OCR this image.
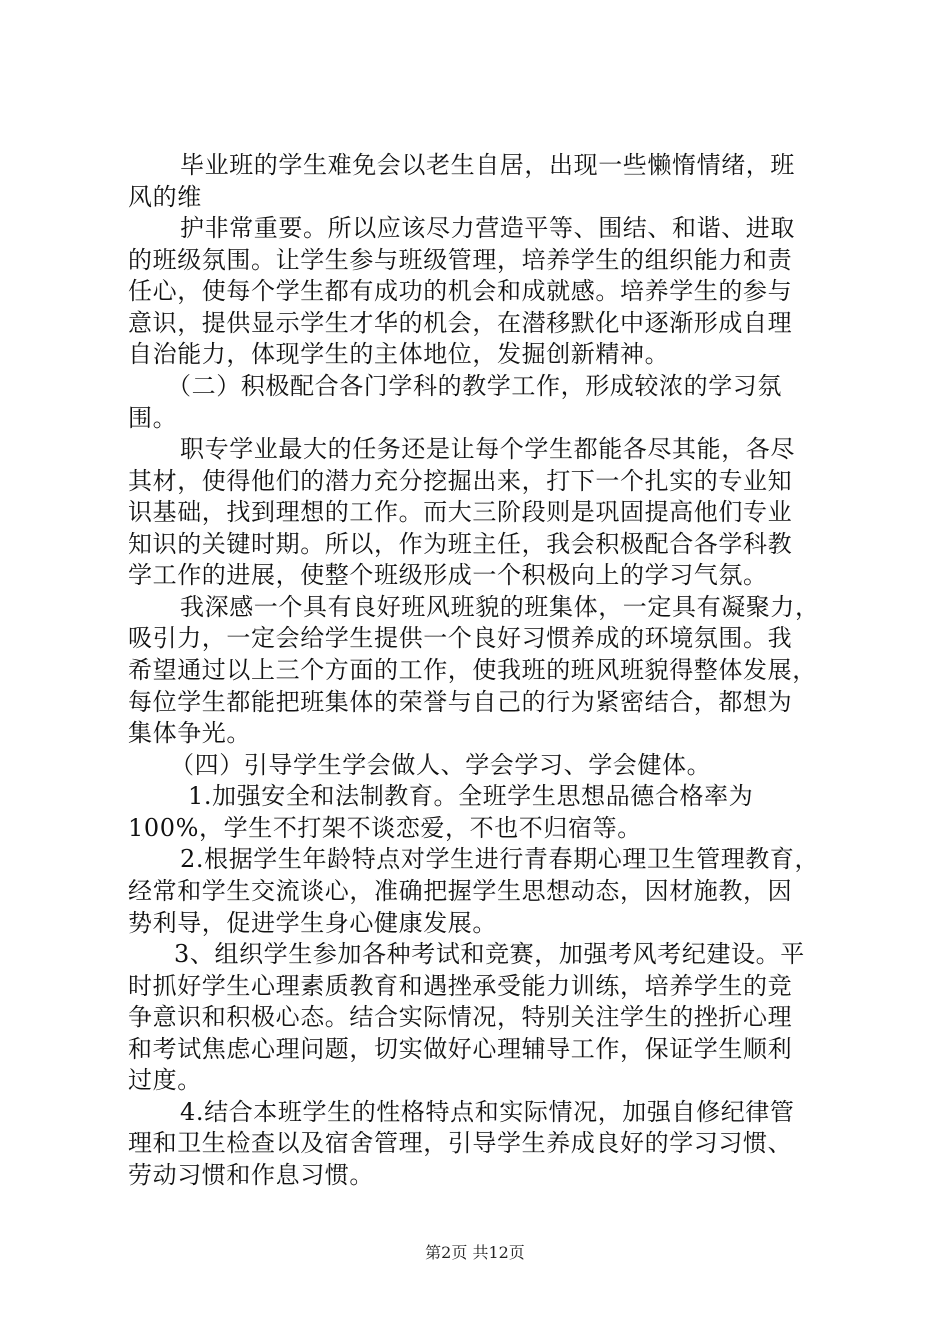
毕业班的学生难免会以老生自居，出现一些懒惰情绪，班
风的维
护非常重要。所以应该尽力营造平等、围结、和谐、进取
的班级氛围。让学生参与班级管理，培养学生的组织能力和责
任心，使每个学生都有成功的机会和成就感。培养学生的参与
意识，提供显示学生才华的机会，在潜移默化中逐渐形成自理
自治能力，体现学生的主体地位，发掘创新精神。
（二）积极配合各门学科的教学工作，形成较浓的学习氛
围。
职专学业最大的任务还是让每个学生都能各尽其能，各尽
其材，使得他们的潜力充分挖掘出来，打下一个扎实的专业知
识基础，找到理想的工作。而大三阶段则是巩固提高他们专业
知识的关键时期。所以，作为班主任，我会积极配合各学科教
学工作的进展，使整个班级形成一个积极向上的学习气氛。
我深感一个具有良好班风班貌的班集体，一定具有凝聚力，
吸引力，一定会给学生提供一个良好习惯养成的环境氛围。我
希望通过以上三个方面的工作，使我班的班风班貌得整体发展，
每位学生都能把班集体的荣誉与自己的行为紧密结合，都想为
集体争光。
（四）引导学生学会做人、学会学习、学会健体。
1.加强安全和法制教育。全班学生思想品德合格率为
100%，学生不打架不谈恋爱，不也不归宿等。
2.根据学生年龄特点对学生进行青春期心理卫生管理教育，
经常和学生交流谈心，准确把握学生思想动态，因材施教，因
势利导，促进学生身心健康发展。
3、组织学生参加各种考试和竞赛，加强考风考纪建设。平
时抓好学生心理素质教育和遇挫承受能力训练，培养学生的竞
争意识和积极心态。结合实际情况，特别关注学生的挫折心理
和考试焦虑心理问题，切实做好心理辅导工作，保证学生顺利
过度。
4.结合本班学生的性格特点和实际情况，加强自修纪律管
第2页 共12页
理和卫生检查以及宿舍管理，引导学生养成良好的学习习惯、
劳动习惯和作息习惯。
